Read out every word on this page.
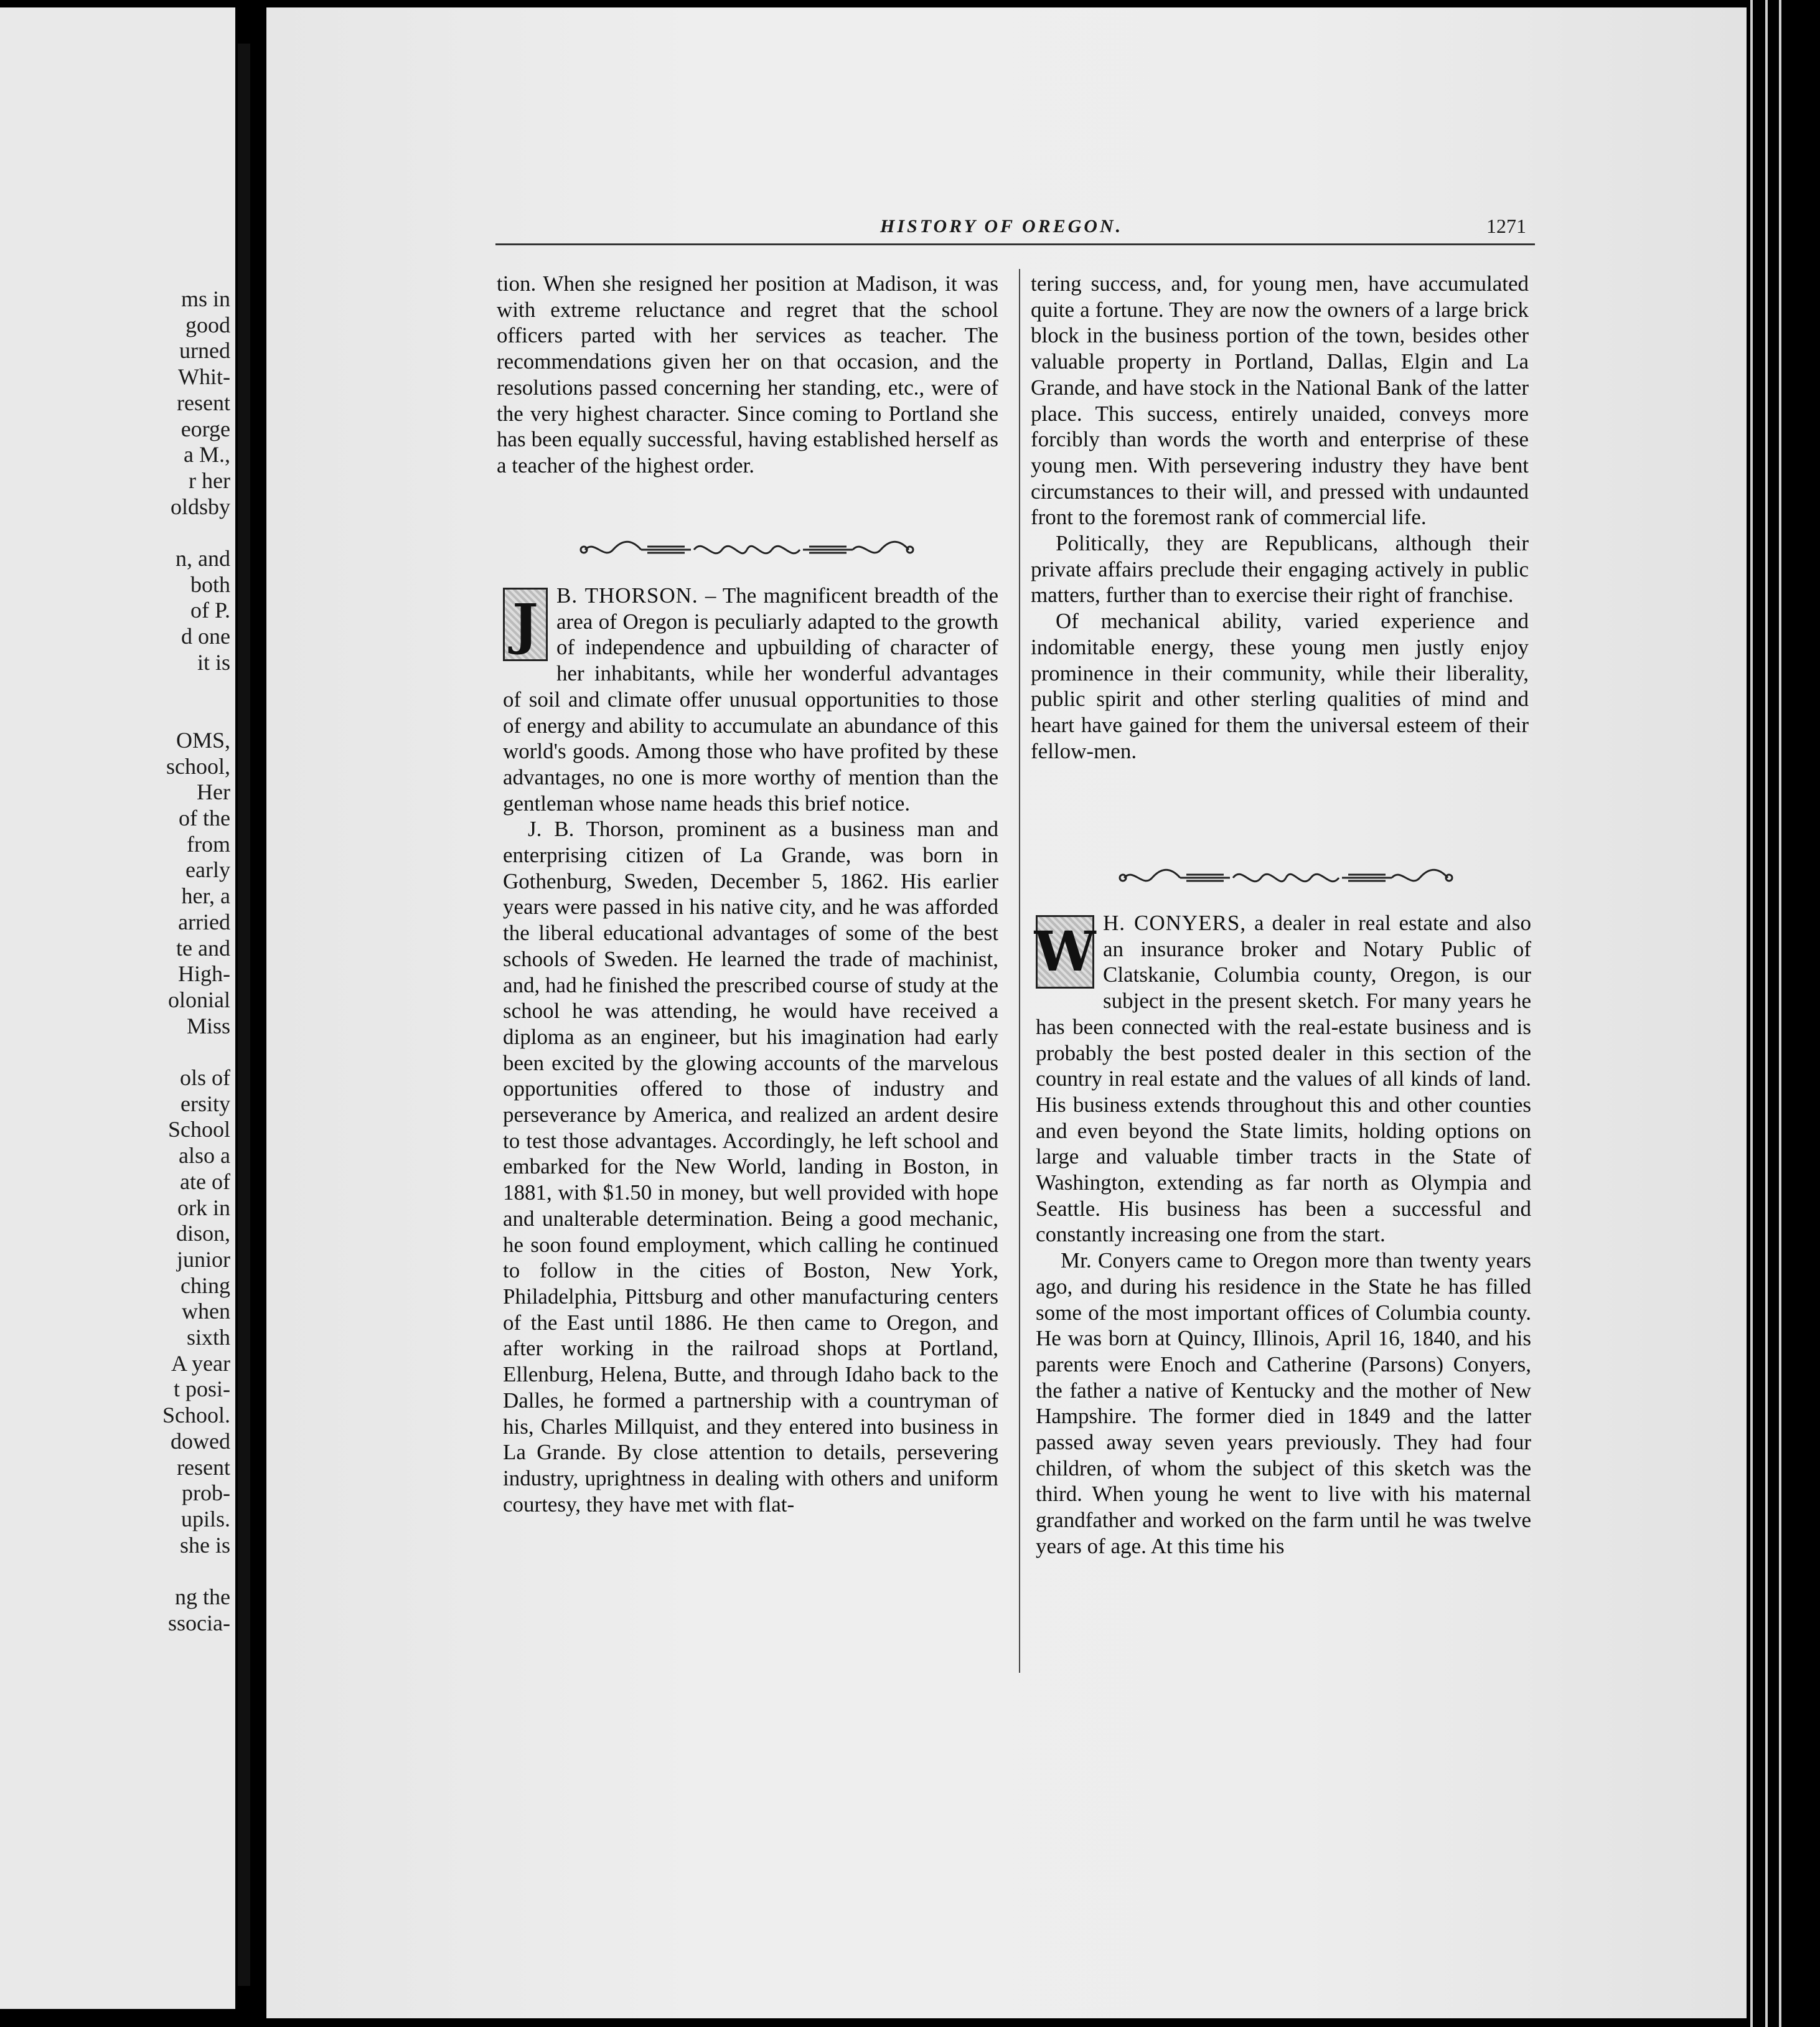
ms in
good
urned
Whit-
resent
eorge
a M.,
r her
oldsby
n, and
both
of P.
d one
it is
OMS,
school,
Her
of the
from
early
her, a
arried
te and
High-
olonial
Miss
ols of
ersity
School
also a
ate of
ork in
dison,
junior
ching
when
sixth
A year
t posi-
School.
dowed
resent
prob-
upils.
she is
ng the
ssocia-
HISTORY OF OREGON.	1271

tion. When she resigned her position at Madison, it was with extreme reluctance and regret that the school officers parted with her services as teacher. The recommendations given her on that occasion, and the resolutions passed concerning her standing, etc., were of the very highest character. Since coming to Portland she has been equally successful, having established herself as a teacher of the highest order.

J B. THORSON. – The magnificent breadth of the area of Oregon is peculiarly adapted to the growth of independence and upbuilding of character of her inhabitants, while her wonderful advantages of soil and climate offer unusual opportunities to those of energy and ability to accumulate an abundance of this world's goods. Among those who have profited by these advantages, no one is more worthy of mention than the gentleman whose name heads this brief notice.

J. B. Thorson, prominent as a business man and enterprising citizen of La Grande, was born in Gothenburg, Sweden, December 5, 1862. His earlier years were passed in his native city, and he was afforded the liberal educational advantages of some of the best schools of Sweden. He learned the trade of machinist, and, had he finished the prescribed course of study at the school he was attending, he would have received a diploma as an engineer, but his imagination had early been excited by the glowing accounts of the marvelous opportunities offered to those of industry and perseverance by America, and realized an ardent desire to test those advantages. Accordingly, he left school and embarked for the New World, landing in Boston, in 1881, with $1.50 in money, but well provided with hope and unalterable determination. Being a good mechanic, he soon found employment, which calling he continued to follow in the cities of Boston, New York, Philadelphia, Pittsburg and other manufacturing centers of the East until 1886. He then came to Oregon, and after working in the railroad shops at Portland, Ellenburg, Helena, Butte, and through Idaho back to the Dalles, he formed a partnership with a countryman of his, Charles Millquist, and they entered into business in La Grande. By close attention to details, persevering industry, uprightness in dealing with others and uniform courtesy, they have met with flat-

tering success, and, for young men, have accumulated quite a fortune. They are now the owners of a large brick block in the business portion of the town, besides other valuable property in Portland, Dallas, Elgin and La Grande, and have stock in the National Bank of the latter place. This success, entirely unaided, conveys more forcibly than words the worth and enterprise of these young men. With persevering industry they have bent circumstances to their will, and pressed with undaunted front to the foremost rank of commercial life.

Politically, they are Republicans, although their private affairs preclude their engaging actively in public matters, further than to exercise their right of franchise.

Of mechanical ability, varied experience and indomitable energy, these young men justly enjoy prominence in their community, while their liberality, public spirit and other sterling qualities of mind and heart have gained for them the universal esteem of their fellow-men.

W H. CONYERS, a dealer in real estate and also an insurance broker and Notary Public of Clatskanie, Columbia county, Oregon, is our subject in the present sketch. For many years he has been connected with the real-estate business and is probably the best posted dealer in this section of the country in real estate and the values of all kinds of land. His business extends throughout this and other counties and even beyond the State limits, holding options on large and valuable timber tracts in the State of Washington, extending as far north as Olympia and Seattle. His business has been a successful and constantly increasing one from the start.

Mr. Conyers came to Oregon more than twenty years ago, and during his residence in the State he has filled some of the most important offices of Columbia county. He was born at Quincy, Illinois, April 16, 1840, and his parents were Enoch and Catherine (Parsons) Conyers, the father a native of Kentucky and the mother of New Hampshire. The former died in 1849 and the latter passed away seven years previously. They had four children, of whom the subject of this sketch was the third. When young he went to live with his maternal grandfather and worked on the farm until he was twelve years of age. At this time his
